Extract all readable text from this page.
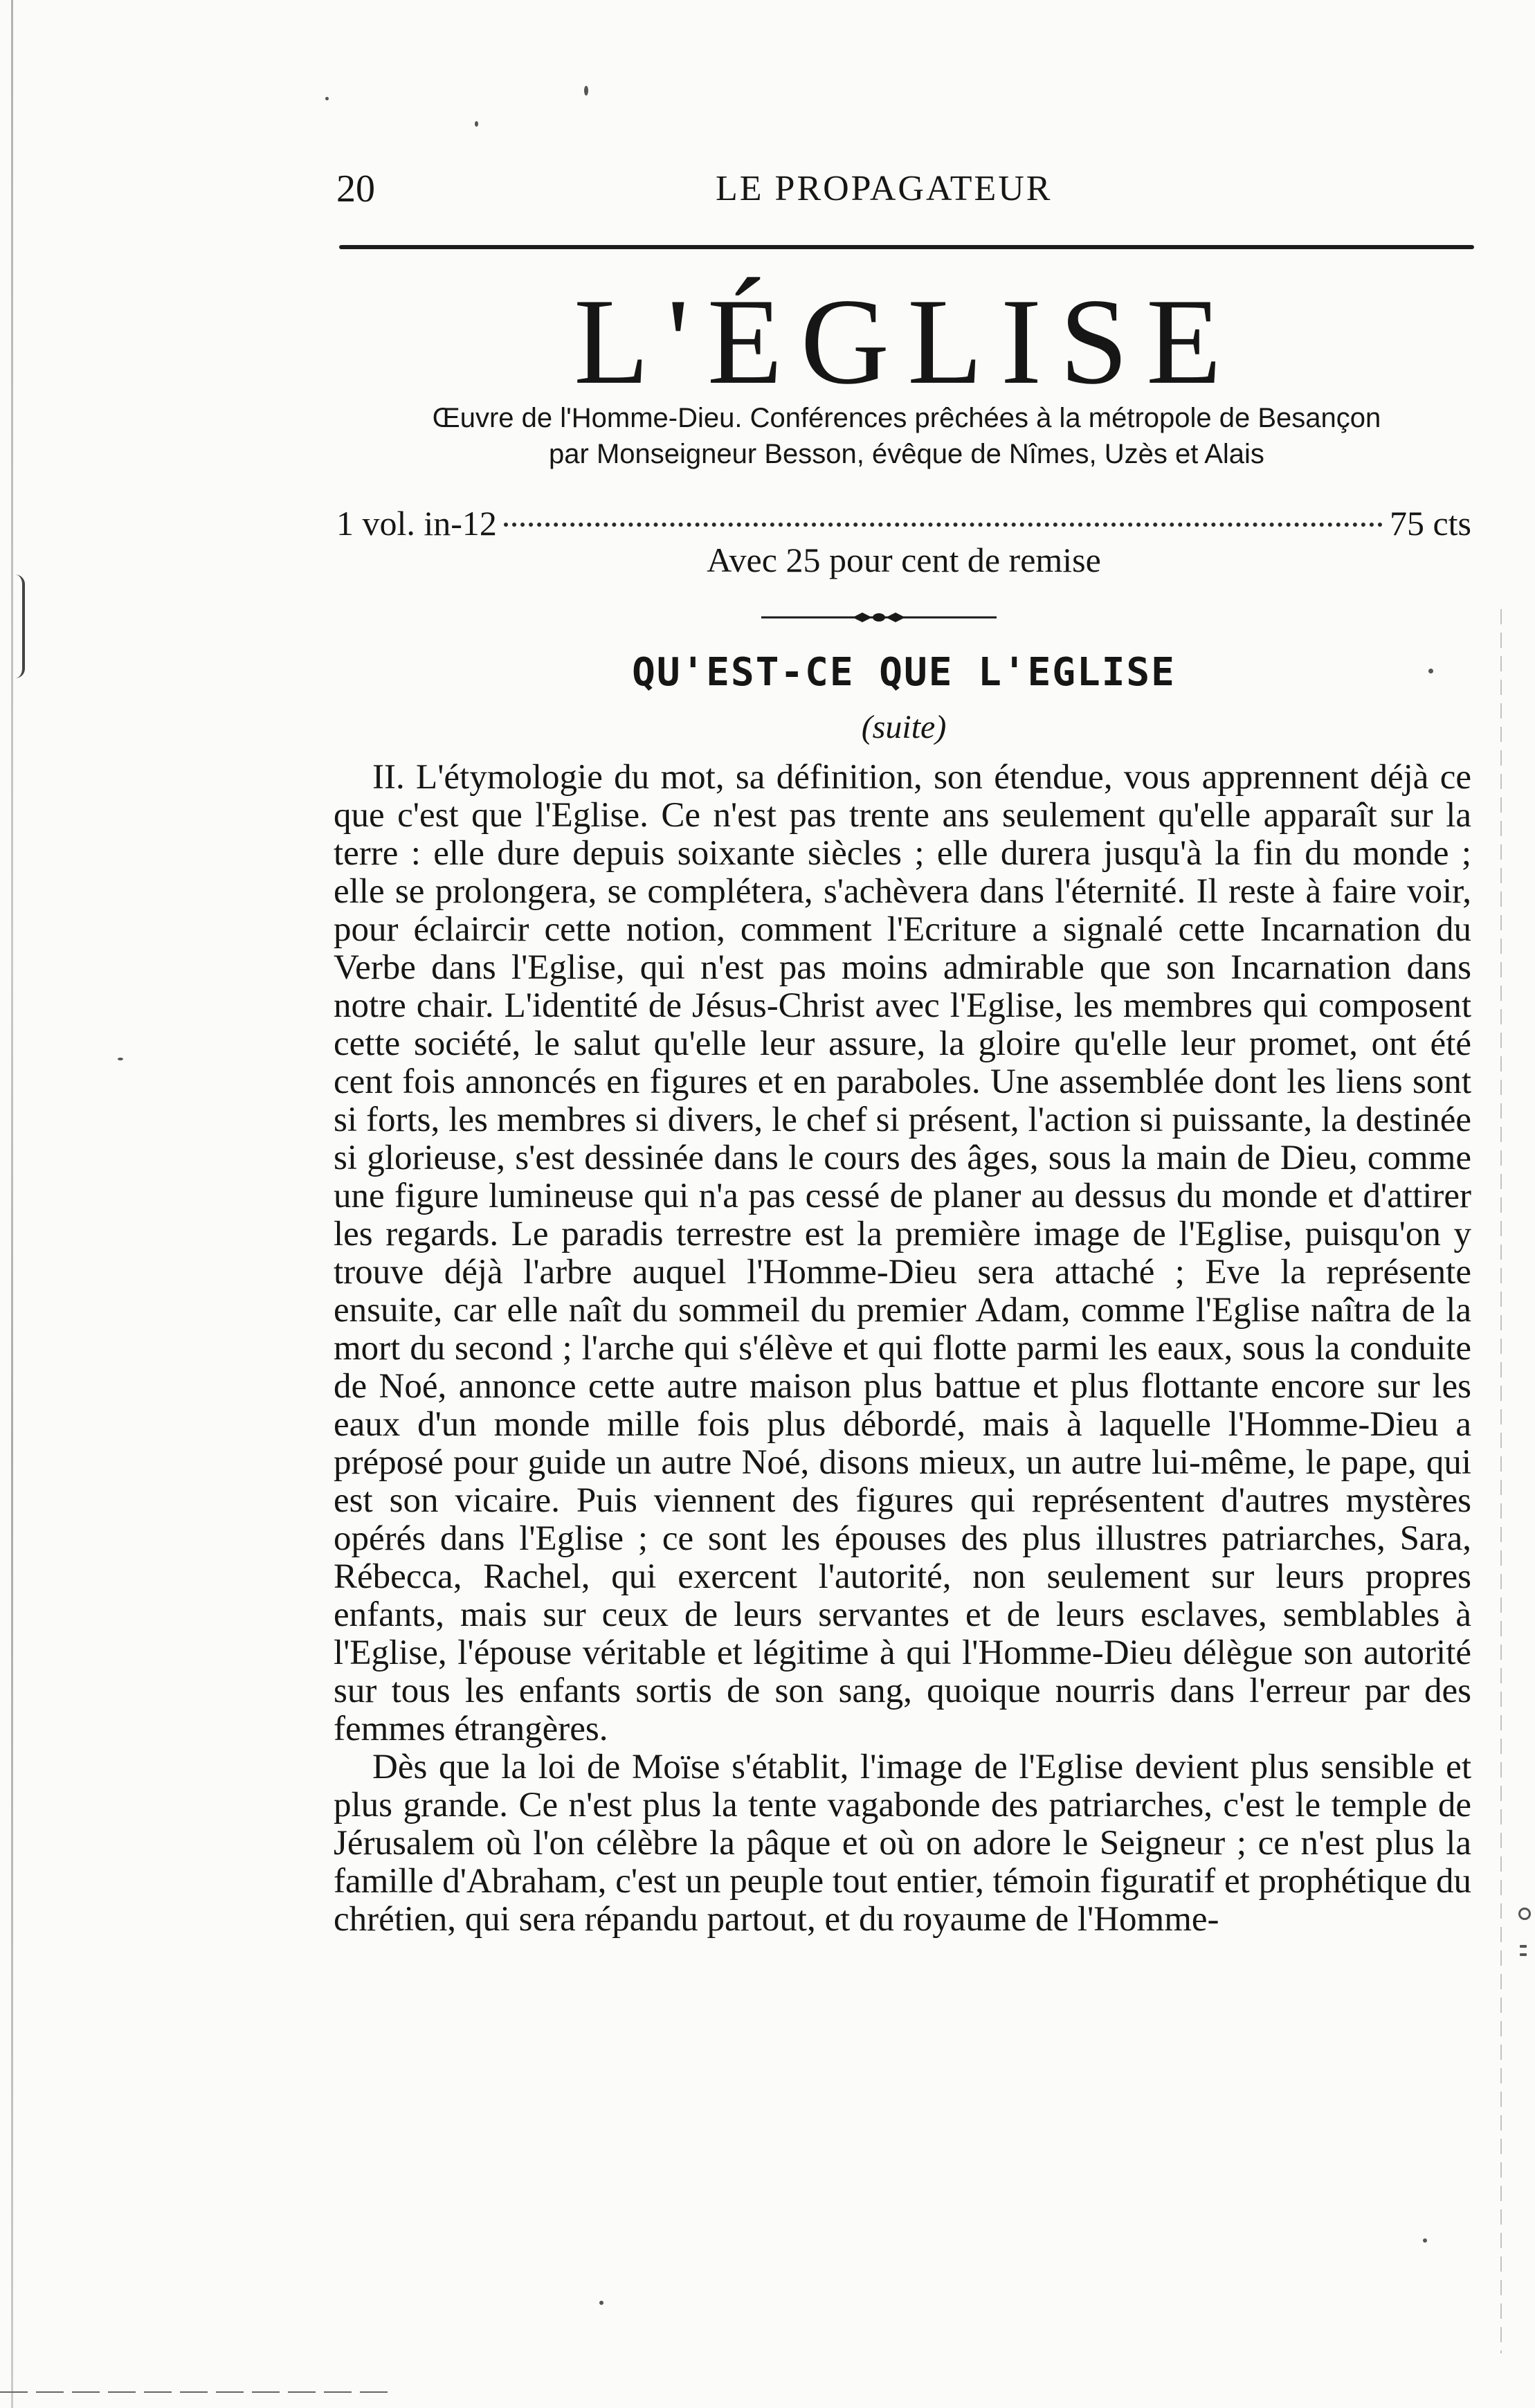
20	LE PROPAGATEUR
L'ÉGLISE
Œuvre de l'Homme-Dieu. Conférences prêchées à la métropole de Besançon
par Monseigneur Besson, évêque de Nîmes, Uzès et Alais
1 vol. in-12	75 cts
Avec 25 pour cent de remise
QU'EST-CE QUE L'EGLISE
(suite)

II. L'étymologie du mot, sa définition, son étendue, vous apprennent déjà ce que c'est que l'Eglise. Ce n'est pas trente ans seulement qu'elle apparaît sur la terre : elle dure depuis soixante siècles ; elle durera jusqu'à la fin du monde ; elle se prolongera, se complétera, s'achèvera dans l'éternité. Il reste à faire voir, pour éclaircir cette notion, comment l'Ecriture a signalé cette Incarnation du Verbe dans l'Eglise, qui n'est pas moins admirable que son Incarnation dans notre chair. L'identité de Jésus-Christ avec l'Eglise, les membres qui composent cette société, le salut qu'elle leur assure, la gloire qu'elle leur promet, ont été cent fois annoncés en figures et en paraboles. Une assemblée dont les liens sont si forts, les membres si divers, le chef si présent, l'action si puissante, la destinée si glorieuse, s'est dessinée dans le cours des âges, sous la main de Dieu, comme une figure lumineuse qui n'a pas cessé de planer au dessus du monde et d'attirer les regards. Le paradis terrestre est la première image de l'Eglise, puisqu'on y trouve déjà l'arbre auquel l'Homme-Dieu sera attaché ; Eve la représente ensuite, car elle naît du sommeil du premier Adam, comme l'Eglise naîtra de la mort du second ; l'arche qui s'élève et qui flotte parmi les eaux, sous la conduite de Noé, annonce cette autre maison plus battue et plus flottante encore sur les eaux d'un monde mille fois plus débordé, mais à laquelle l'Homme-Dieu a préposé pour guide un autre Noé, disons mieux, un autre lui-même, le pape, qui est son vicaire. Puis viennent des figures qui représentent d'autres mystères opérés dans l'Eglise ; ce sont les épouses des plus illustres patriarches, Sara, Rébecca, Rachel, qui exercent l'autorité, non seulement sur leurs propres enfants, mais sur ceux de leurs servantes et de leurs esclaves, semblables à l'Eglise, l'épouse véritable et légitime à qui l'Homme-Dieu délègue son autorité sur tous les enfants sortis de son sang, quoique nourris dans l'erreur par des femmes étrangères.

Dès que la loi de Moïse s'établit, l'image de l'Eglise devient plus sensible et plus grande. Ce n'est plus la tente vagabonde des patriarches, c'est le temple de Jérusalem où l'on célèbre la pâque et où on adore le Seigneur ; ce n'est plus la famille d'Abraham, c'est un peuple tout entier, témoin figuratif et prophétique du chrétien, qui sera répandu partout, et du royaume de l'Homme-
